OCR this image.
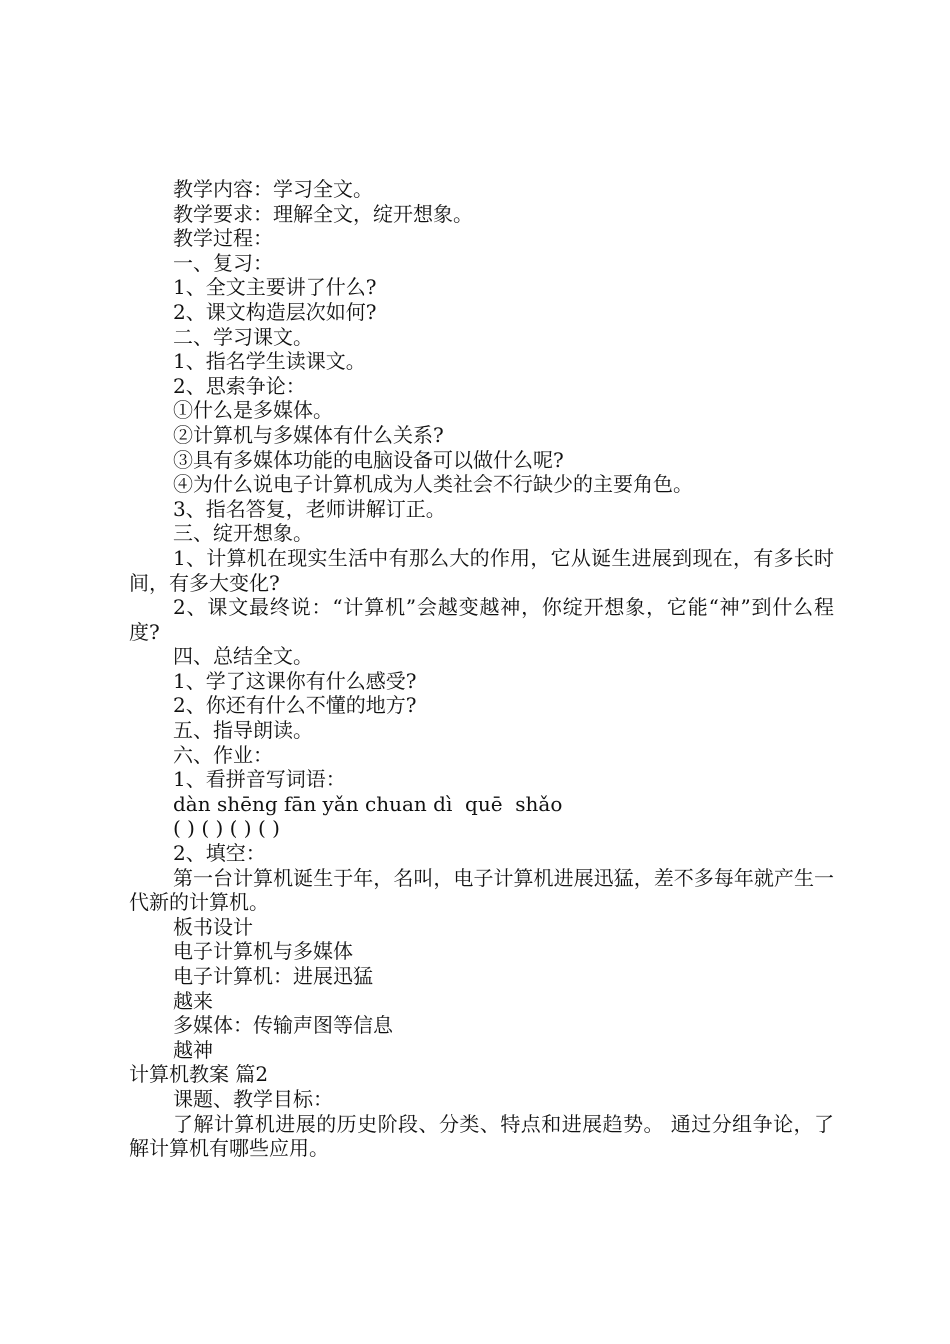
教学内容：学习全文。
教学要求：理解全文，绽开想象。
教学过程：
一、复习：
1、全文主要讲了什么?
2、课文构造层次如何?
二、学习课文。
1、指名学生读课文。
2、思索争论：
①什么是多媒体。
②计算机与多媒体有什么关系?
③具有多媒体功能的电脑设备可以做什么呢?
④为什么说电子计算机成为人类社会不行缺少的主要角色。
3、指名答复，老师讲解订正。
三、绽开想象。
1、计算机在现实生活中有那么大的作用，它从诞生进展到现在，有多长时间，有多大变化?
2、课文最终说：“计算机”会越变越神，你绽开想象，它能“神”到什么程度?
四、总结全文。
1、学了这课你有什么感受?
2、你还有什么不懂的地方?
五、指导朗读。
六、作业：
1、看拼音写词语：
dàn shēng fān yǎn chuan dì  quē  shǎo
( ) ( ) ( ) ( )
2、填空：
第一台计算机诞生于年，名叫，电子计算机进展迅猛，差不多每年就产生一代新的计算机。
板书设计
电子计算机与多媒体
电子计算机：进展迅猛
越来
多媒体：传输声图等信息
越神
计算机教案 篇2
课题、教学目标：
了解计算机进展的历史阶段、分类、特点和进展趋势。 通过分组争论，了解计算机有哪些应用。
